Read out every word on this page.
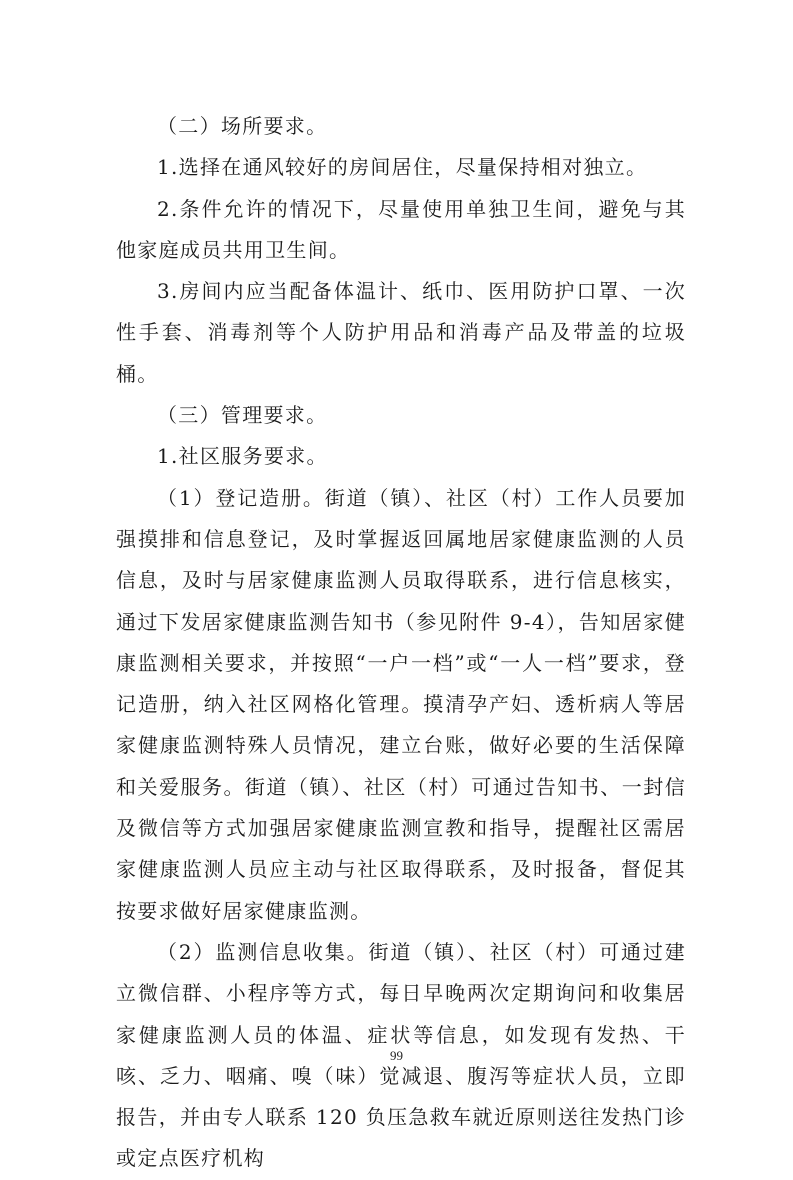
（二）场所要求。

1.选择在通风较好的房间居住，尽量保持相对独立。

2.条件允许的情况下，尽量使用单独卫生间，避免与其他家庭成员共用卫生间。

3.房间内应当配备体温计、纸巾、医用防护口罩、一次性手套、消毒剂等个人防护用品和消毒产品及带盖的垃圾桶。

（三）管理要求。

1.社区服务要求。

（1）登记造册。街道（镇）、社区（村）工作人员要加强摸排和信息登记，及时掌握返回属地居家健康监测的人员信息，及时与居家健康监测人员取得联系，进行信息核实，通过下发居家健康监测告知书（参见附件 9-4），告知居家健康监测相关要求，并按照“一户一档”或“一人一档”要求，登记造册，纳入社区网格化管理。摸清孕产妇、透析病人等居家健康监测特殊人员情况，建立台账，做好必要的生活保障和关爱服务。街道（镇）、社区（村）可通过告知书、一封信及微信等方式加强居家健康监测宣教和指导，提醒社区需居家健康监测人员应主动与社区取得联系，及时报备，督促其按要求做好居家健康监测。

（2）监测信息收集。街道（镇）、社区（村）可通过建立微信群、小程序等方式，每日早晚两次定期询问和收集居家健康监测人员的体温、症状等信息，如发现有发热、干咳、乏力、咽痛、嗅（味）觉减退、腹泻等症状人员，立即报告，并由专人联系 120 负压急救车就近原则送往发热门诊或定点医疗机构

99
